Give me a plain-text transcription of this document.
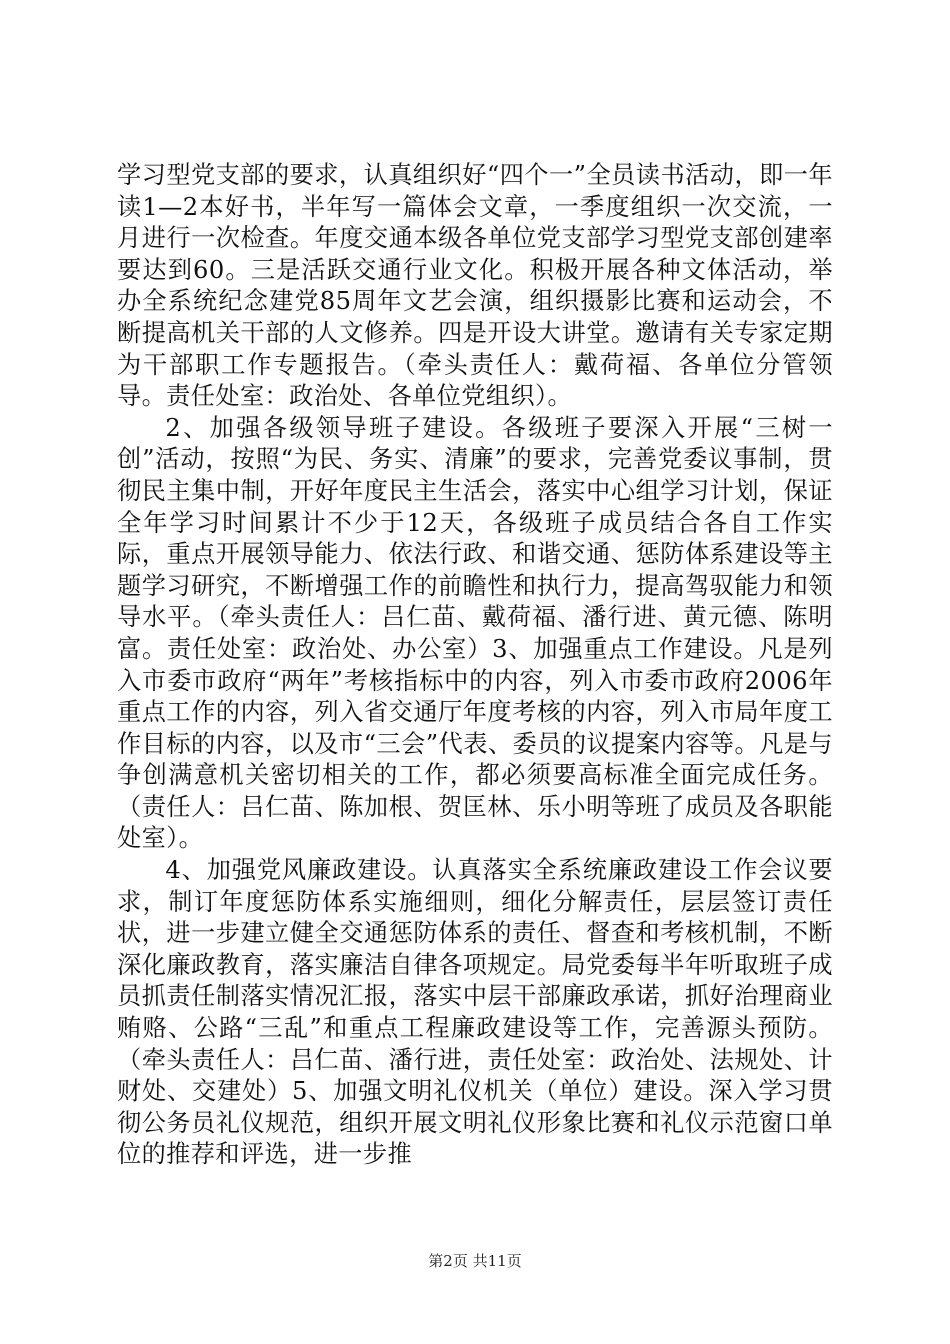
学习型党支部的要求，认真组织好“四个一”全员读书活动，即一年读1—2本好书，半年写一篇体会文章，一季度组织一次交流，一月进行一次检查。年度交通本级各单位党支部学习型党支部创建率要达到60。三是活跃交通行业文化。积极开展各种文体活动，举办全系统纪念建党85周年文艺会演，组织摄影比赛和运动会，不断提高机关干部的人文修养。四是开设大讲堂。邀请有关专家定期为干部职工作专题报告。（牵头责任人：戴荷福、各单位分管领导。责任处室：政治处、各单位党组织）。

2、加强各级领导班子建设。各级班子要深入开展“三树一创”活动，按照“为民、务实、清廉”的要求，完善党委议事制，贯彻民主集中制，开好年度民主生活会，落实中心组学习计划，保证全年学习时间累计不少于12天，各级班子成员结合各自工作实际，重点开展领导能力、依法行政、和谐交通、惩防体系建设等主题学习研究，不断增强工作的前瞻性和执行力，提高驾驭能力和领导水平。（牵头责任人：吕仁苗、戴荷福、潘行进、黄元德、陈明富。责任处室：政治处、办公室）3、加强重点工作建设。凡是列入市委市政府“两年”考核指标中的内容，列入市委市政府2006年重点工作的内容，列入省交通厅年度考核的内容，列入市局年度工作目标的内容，以及市“三会”代表、委员的议提案内容等。凡是与争创满意机关密切相关的工作，都必须要高标准全面完成任务。（责任人：吕仁苗、陈加根、贺匡林、乐小明等班了成员及各职能处室）。

4、加强党风廉政建设。认真落实全系统廉政建设工作会议要求，制订年度惩防体系实施细则，细化分解责任，层层签订责任状，进一步建立健全交通惩防体系的责任、督查和考核机制，不断深化廉政教育，落实廉洁自律各项规定。局党委每半年听取班子成员抓责任制落实情况汇报，落实中层干部廉政承诺，抓好治理商业贿赂、公路“三乱”和重点工程廉政建设等工作，完善源头预防。（牵头责任人：吕仁苗、潘行进，责任处室：政治处、法规处、计财处、交建处）5、加强文明礼仪机关（单位）建设。深入学习贯彻公务员礼仪规范，组织开展文明礼仪形象比赛和礼仪示范窗口单位的推荐和评选，进一步推

第2页 共11页
